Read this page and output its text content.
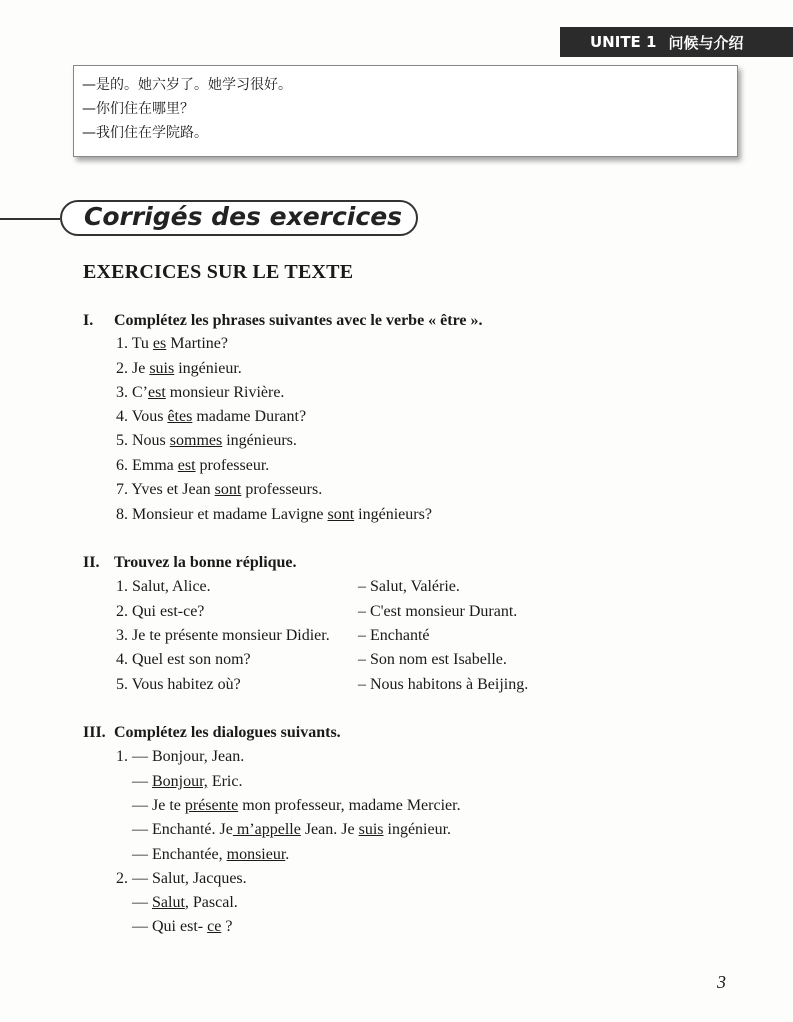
UNITE 1 问候与介绍
—是的。她六岁了。她学习很好。
—你们住在哪里？
—我们住在学院路。
Corrigés des exercices
EXERCICES SUR LE TEXTE
I. Complétez les phrases suivantes avec le verbe « être ».
1. Tu es Martine?
2. Je suis ingénieur.
3. C’est monsieur Rivière.
4. Vous êtes madame Durant?
5. Nous sommes ingénieurs.
6. Emma est professeur.
7. Yves et Jean sont professeurs.
8. Monsieur et madame Lavigne sont ingénieurs?
II. Trouvez la bonne réplique.
1. Salut, Alice.	– Salut, Valérie.
2. Qui est-ce?	– C'est monsieur Durant.
3. Je te présente monsieur Didier. – Enchanté
4. Quel est son nom?	– Son nom est Isabelle.
5. Vous habitez où?	– Nous habitons à Beijing.
III. Complétez les dialogues suivants.
1. — Bonjour, Jean.
— Bonjour, Eric.
— Je te présente mon professeur, madame Mercier.
— Enchanté. Je m’appelle Jean. Je suis ingénieur.
— Enchantée, monsieur.
2. — Salut, Jacques.
— Salut, Pascal.
— Qui est- ce ?
3
